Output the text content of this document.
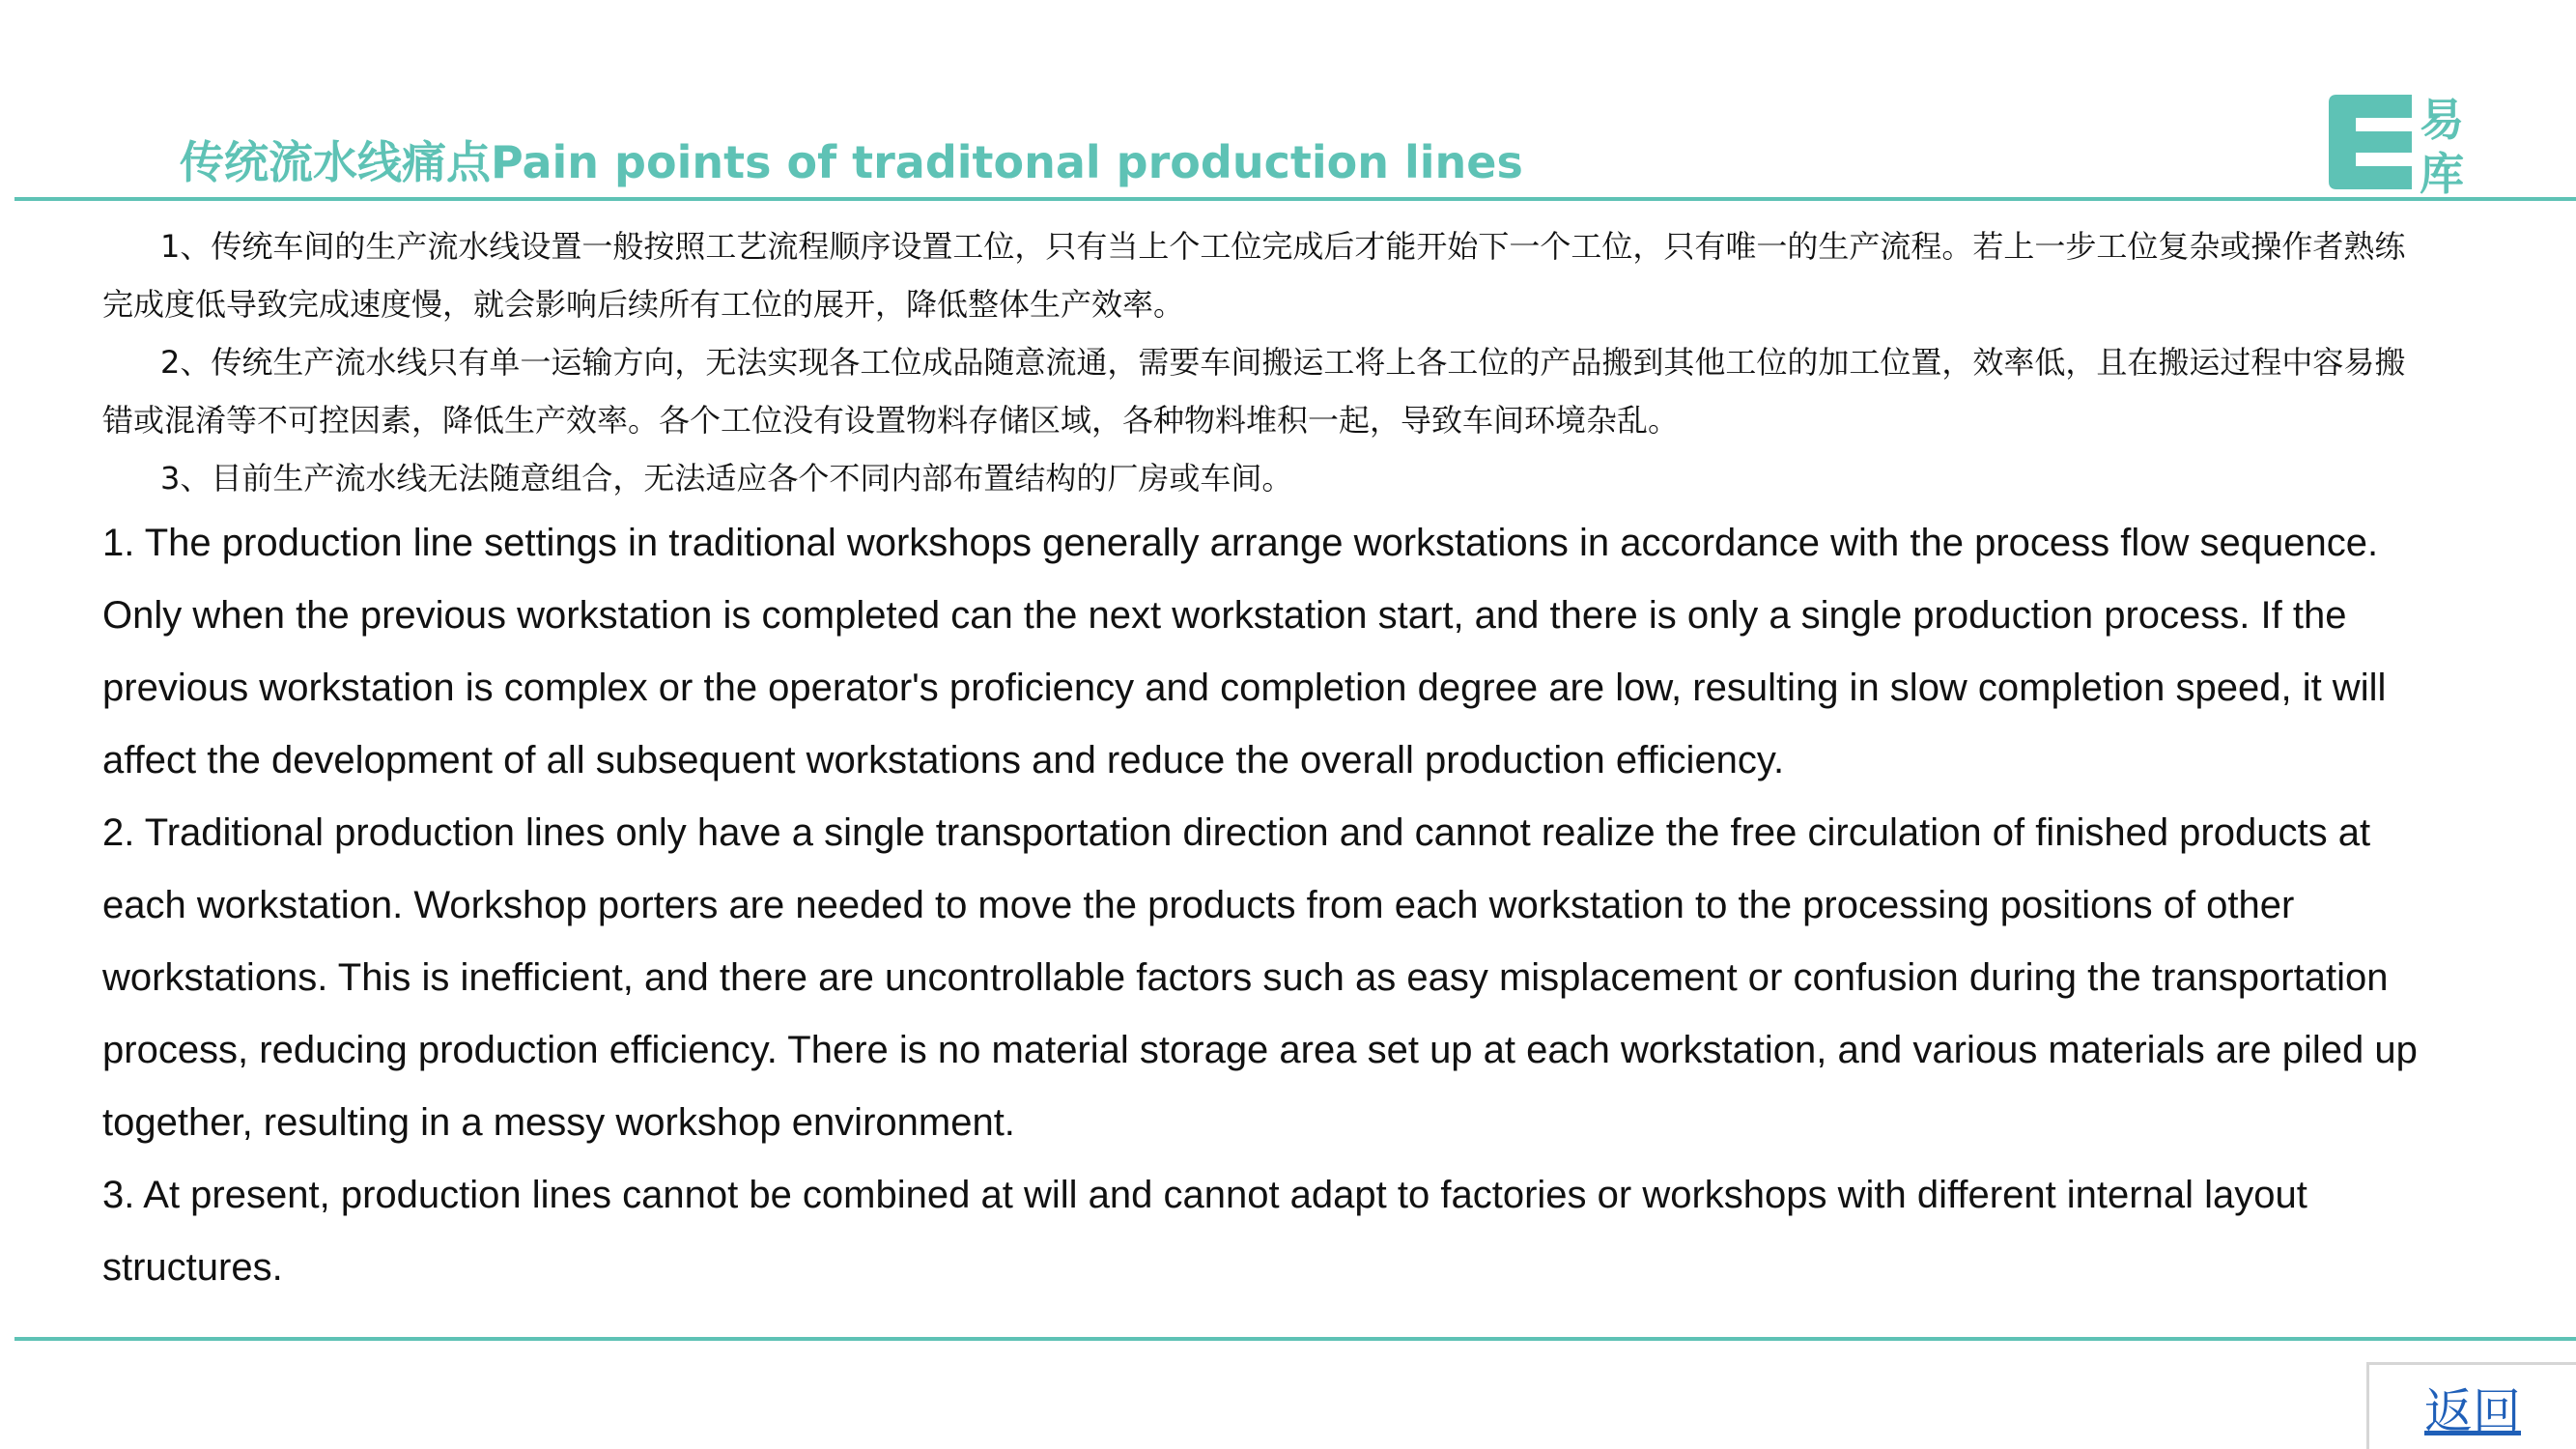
传统流水线痛点Pain points of traditonal production lines
易
库

1、传统车间的生产流水线设置一般按照工艺流程顺序设置工位，只有当上个工位完成后才能开始下一个工位，只有唯一的生产流程。若上一步工位复杂或操作者熟练完成度低导致完成速度慢，就会影响后续所有工位的展开，降低整体生产效率。

2、传统生产流水线只有单一运输方向，无法实现各工位成品随意流通，需要车间搬运工将上各工位的产品搬到其他工位的加工位置，效率低，且在搬运过程中容易搬错或混淆等不可控因素，降低生产效率。各个工位没有设置物料存储区域，各种物料堆积一起，导致车间环境杂乱。

3、目前生产流水线无法随意组合，无法适应各个不同内部布置结构的厂房或车间。

1. The production line settings in traditional workshops generally arrange workstations in accordance with the process flow sequence. Only when the previous workstation is completed can the next workstation start, and there is only a single production process. If the previous workstation is complex or the operator's proficiency and completion degree are low, resulting in slow completion speed, it will affect the development of all subsequent workstations and reduce the overall production efficiency.

2. Traditional production lines only have a single transportation direction and cannot realize the free circulation of finished products at each workstation. Workshop porters are needed to move the products from each workstation to the processing positions of other workstations. This is inefficient, and there are uncontrollable factors such as easy misplacement or confusion during the transportation process, reducing production efficiency. There is no material storage area set up at each workstation, and various materials are piled up together, resulting in a messy workshop environment.

3. At present, production lines cannot be combined at will and cannot adapt to factories or workshops with different internal layout structures.

返回
